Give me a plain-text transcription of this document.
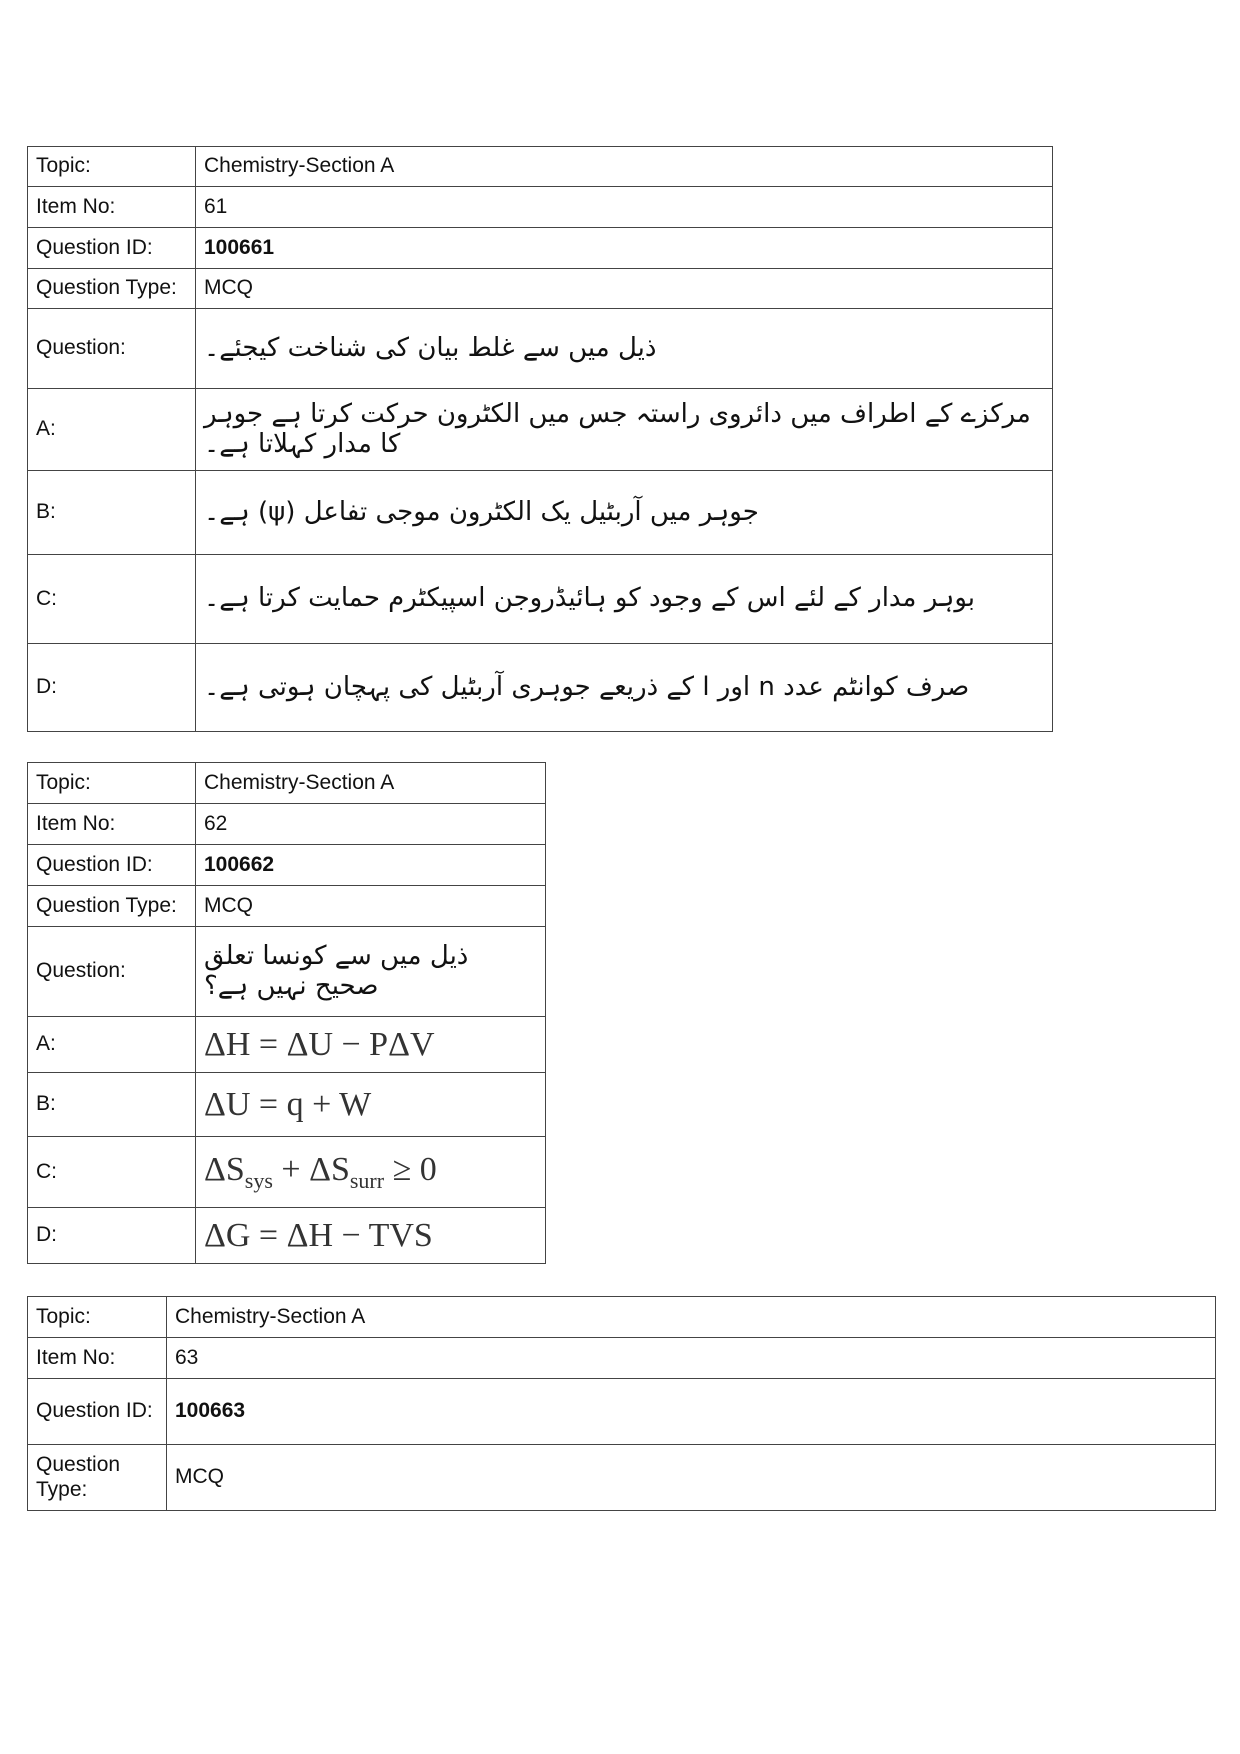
Topic:	Chemistry-Section A
Item No:	61
Question ID:	100661
Question Type:	MCQ
Question:	ذیل میں سے غلط بیان کی شناخت کیجئے۔
A:	مرکزے کے اطراف میں دائروی راستہ جس میں الکٹرون حرکت کرتا ہے جوہر کا مدار کہلاتا ہے۔
B:	جوہر میں آربٹیل یک الکٹرون موجی تفاعل (ψ) ہے۔
C:	بوہر مدار کے لئے اس کے وجود کو ہائیڈروجن اسپیکٹرم حمایت کرتا ہے۔
D:	صرف کوانٹم عدد n اور l کے ذریعے جوہری آربٹیل کی پہچان ہوتی ہے۔
Topic:	Chemistry-Section A
Item No:	62
Question ID:	100662
Question Type:	MCQ
Question:	ذیل میں سے کونسا تعلق صحیح نہیں ہے؟
A:	ΔH = ΔU − PΔV
B:	ΔU = q + W
C:	$\Delta S_{sys} + \Delta S_{surr} \ge 0$
D:	ΔG = ΔH − TVS
Topic:	Chemistry-Section A
Item No:	63
Question ID:	100663
Question Type:	MCQ
